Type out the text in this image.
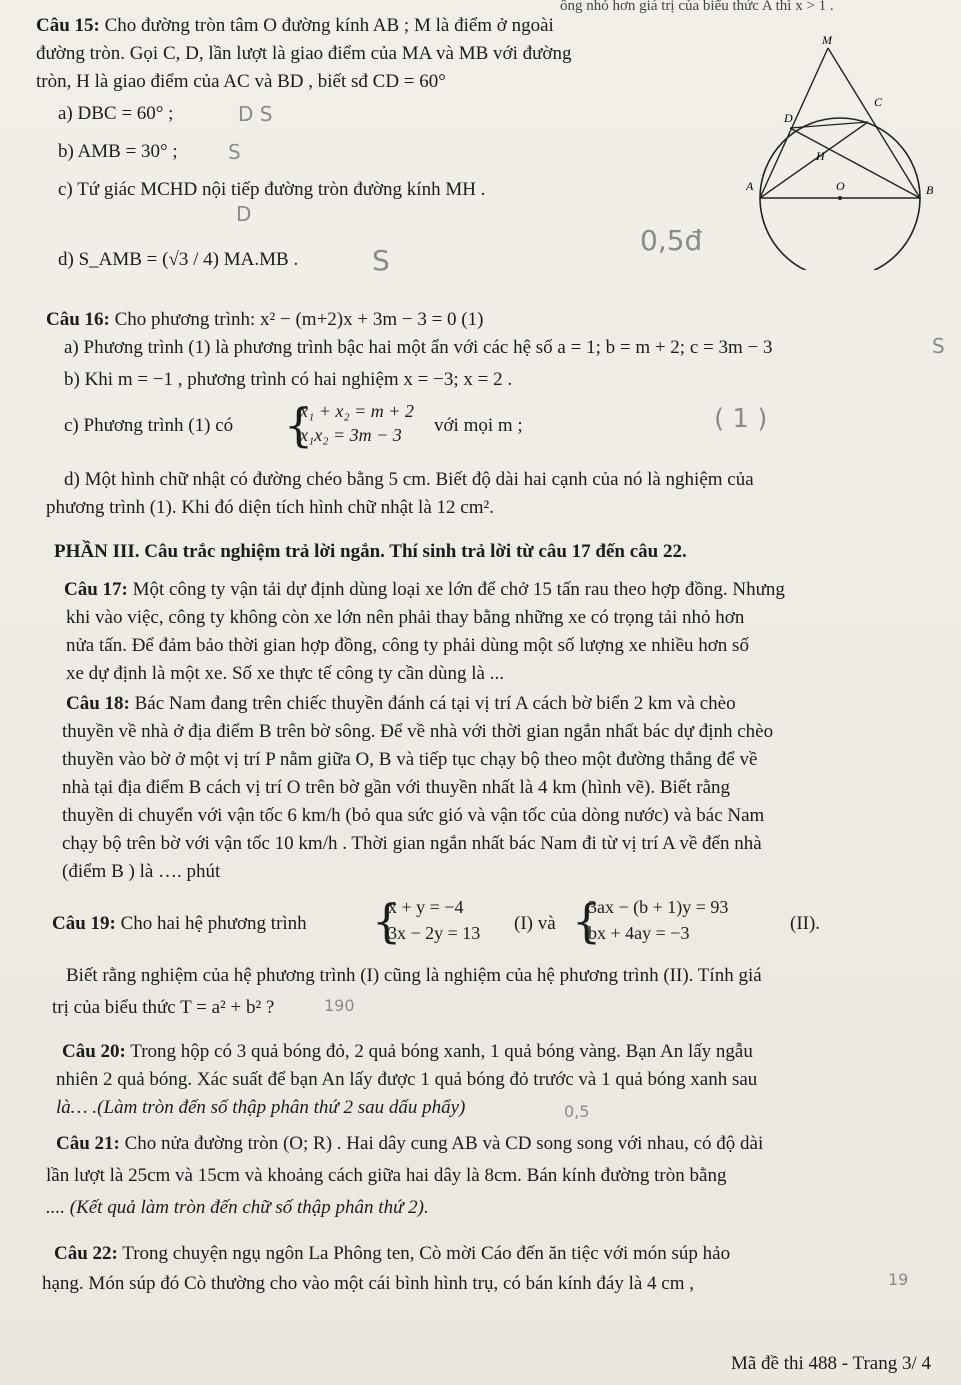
ông nhỏ hơn giá trị của biểu thức A thì x > 1 .
Câu 15: Cho đường tròn tâm O đường kính AB ; M là điểm ở ngoài
đường tròn. Gọi C, D, lần lượt là giao điểm của MA và MB với đường
tròn, H là giao điểm của AC và BD , biết sđ CD = 60°
a) DBC = 60° ;
b) AMB = 30° ;
c) Tứ giác MCHD nội tiếp đường tròn đường kính MH .
d) S_AMB = (√3 / 4) MA.MB .
D S
S
D
0,5đ
S
M
C
D
H
A	O	B
Câu 16: Cho phương trình: x² − (m+2)x + 3m − 3 = 0 (1)
a) Phương trình (1) là phương trình bậc hai một ẩn với các hệ số a = 1; b = m + 2; c = 3m − 3
b) Khi m = −1 , phương trình có hai nghiệm x = −3; x = 2 .
c) Phương trình (1) có {
x₁ + x₂ = m + 2
x₁x₂ = 3m − 3 với mọi m ;
d) Một hình chữ nhật có đường chéo bằng 5 cm. Biết độ dài hai cạnh của nó là nghiệm của
phương trình (1). Khi đó diện tích hình chữ nhật là 12 cm².
S
( 1 )
PHẦN III. Câu trắc nghiệm trả lời ngắn. Thí sinh trả lời từ câu 17 đến câu 22.
Câu 17: Một công ty vận tải dự định dùng loại xe lớn để chở 15 tấn rau theo hợp đồng. Nhưng
khi vào việc, công ty không còn xe lớn nên phải thay bằng những xe có trọng tải nhỏ hơn
nửa tấn. Để đảm bảo thời gian hợp đồng, công ty phải dùng một số lượng xe nhiều hơn số
xe dự định là một xe. Số xe thực tế công ty cần dùng là ...
Câu 18: Bác Nam đang trên chiếc thuyền đánh cá tại vị trí A cách bờ biển 2 km và chèo
thuyền về nhà ở địa điểm B trên bờ sông. Để về nhà với thời gian ngắn nhất bác dự định chèo
thuyền vào bờ ở một vị trí P nằm giữa O, B và tiếp tục chạy bộ theo một đường thẳng để về
nhà tại địa điểm B cách vị trí O trên bờ gần với thuyền nhất là 4 km (hình vẽ). Biết rằng
thuyền di chuyển với vận tốc 6 km/h (bỏ qua sức gió và vận tốc của dòng nước) và bác Nam
chạy bộ trên bờ với vận tốc 10 km/h . Thời gian ngắn nhất bác Nam đi từ vị trí A về đến nhà
(điểm B ) là …. phút
Câu 19: Cho hai hệ phương trình {
x + y = −4
3x − 2y = 13 (I) và {
3ax − (b + 1)y = 93
bx + 4ay = −3	(II).
Biết rằng nghiệm của hệ phương trình (I) cũng là nghiệm của hệ phương trình (II). Tính giá
trị của biểu thức T = a² + b² ?	190
Câu 20: Trong hộp có 3 quả bóng đỏ, 2 quả bóng xanh, 1 quả bóng vàng. Bạn An lấy ngẫu
nhiên 2 quả bóng. Xác suất để bạn An lấy được 1 quả bóng đỏ trước và 1 quả bóng xanh sau
là… .(Làm tròn đến số thập phân thứ 2 sau dấu phẩy)	0,5
Câu 21: Cho nửa đường tròn (O; R) . Hai dây cung AB và CD song song với nhau, có độ dài
lần lượt là 25cm và 15cm và khoảng cách giữa hai dây là 8cm. Bán kính đường tròn bằng
.... (Kết quả làm tròn đến chữ số thập phân thứ 2).
Câu 22: Trong chuyện ngụ ngôn La Phông ten, Cò mời Cáo đến ăn tiệc với món súp hảo
hạng. Món súp đó Cò thường cho vào một cái bình hình trụ, có bán kính đáy là 4 cm ,	19
Mã đề thi 488 - Trang 3/ 4
